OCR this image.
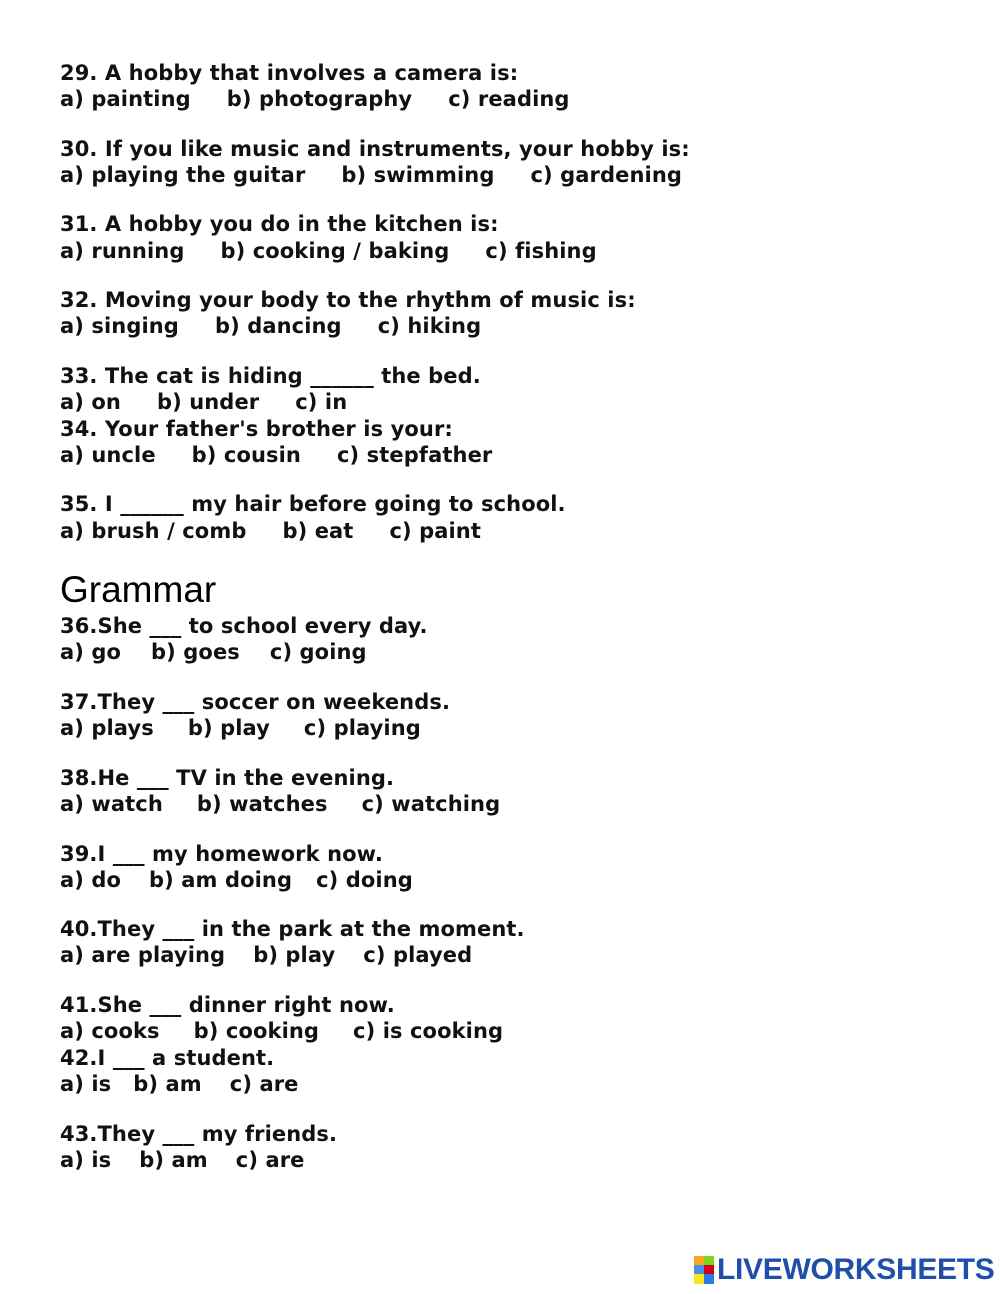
29. A hobby that involves a camera is:

a) painting b) photography c) reading

30. If you like music and instruments, your hobby is:

a) playing the guitar b) swimming c) gardening

31. A hobby you do in the kitchen is:

a) running b) cooking / baking c) fishing

32. Moving your body to the rhythm of music is:

a) singing b) dancing c) hiking

33. The cat is hiding ______ the bed.

a) on b) under c) in

34. Your father's brother is your:

a) uncle b) cousin c) stepfather

35. I ______ my hair before going to school.

a) brush / comb b) eat c) paint

Grammar

36.She ___ to school every day.

a) go b) goes c) going

37.They ___ soccer on weekends.

a) plays b) play c) playing

38.He ___ TV in the evening.

a) watch b) watches c) watching

39.I ___ my homework now.

a) do b) am doing c) doing

40.They ___ in the park at the moment.

a) are playing b) play c) played

41.She ___ dinner right now.

a) cooks b) cooking c) is cooking

42.I ___ a student.

a) is b) am c) are

43.They ___ my friends.

a) is b) am c) are

LIVEWORKSHEETS
